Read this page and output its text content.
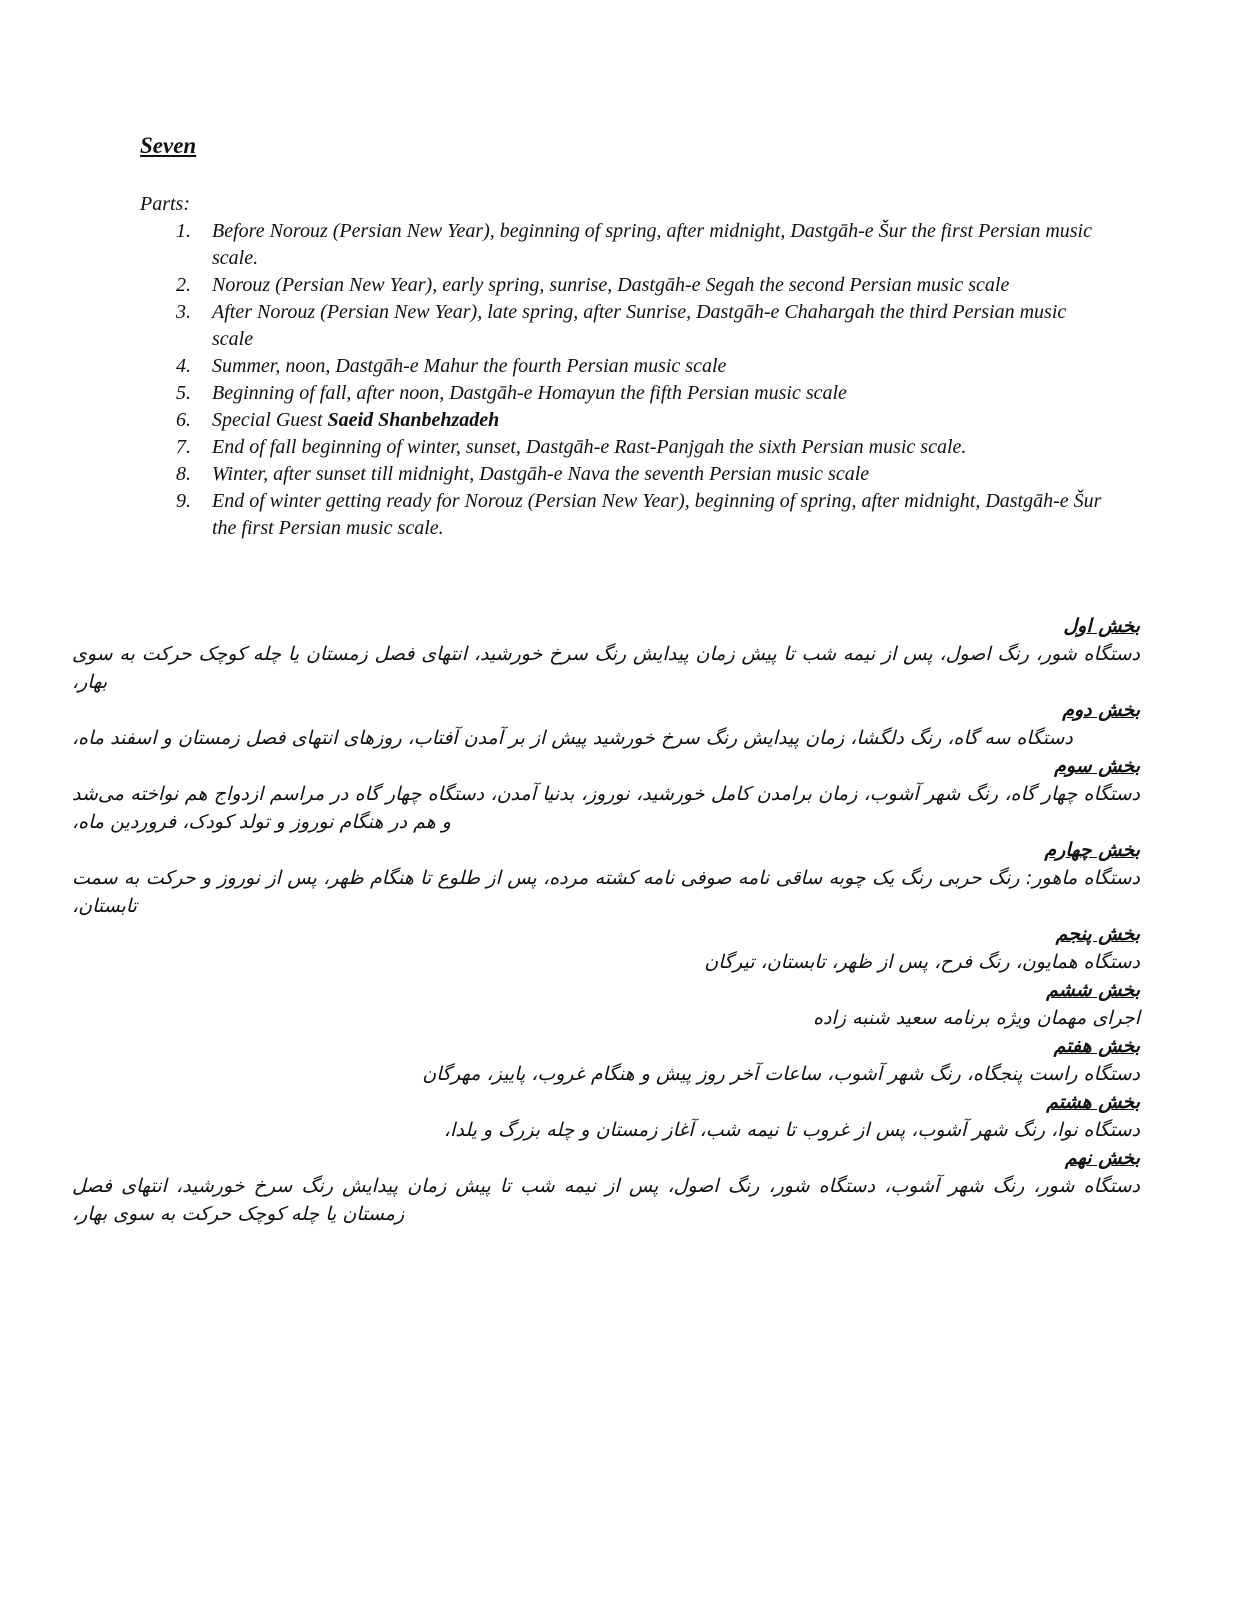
Seven
Parts:
1. Before Norouz (Persian New Year), beginning of spring, after midnight, Dastgāh-e Šur the first Persian music scale.
2. Norouz (Persian New Year), early spring, sunrise, Dastgāh-e Segah the second Persian music scale
3. After Norouz (Persian New Year), late spring, after Sunrise, Dastgāh-e Chahargah the third Persian music scale
4. Summer, noon, Dastgāh-e Mahur the fourth Persian music scale
5. Beginning of fall, after noon, Dastgāh-e Homayun the fifth Persian music scale
6. Special Guest Saeid Shanbehzadeh
7. End of fall beginning of winter, sunset, Dastgāh-e Rast-Panjgah the sixth Persian music scale.
8. Winter, after sunset till midnight, Dastgāh-e Nava the seventh Persian music scale
9. End of winter getting ready for Norouz (Persian New Year), beginning of spring, after midnight, Dastgāh-e Šur the first Persian music scale.
بخش اول
دستگاه شور، رنگ اصول، پس از نیمه شب تا پیش زمان پیدایش رنگ سرخ خورشید، انتهای فصل زمستان یا چله کوچک حرکت به سوی بهار،
بخش دوم
دستگاه سه گاه، رنگ دلگشا، زمان پیدایش رنگ سرخ خورشید پیش از بر آمدن آفتاب، روزهای انتهای فصل زمستان و اسفند ماه،
بخش سوم
دستگاه چهار گاه، رنگ شهر آشوب، زمان برامدن کامل خورشید، نوروز، بدنیا آمدن، دستگاه چهار گاه در مراسم ازدواج هم نواخته می‌شد و هم در هنگام نوروز و تولد کودک، فروردین ماه،
بخش چهارم
دستگاه ماهور: رنگ حربی رنگ یک چوبه ساقی نامه صوفی نامه کشته مرده، پس از طلوع تا هنگام ظهر، پس از نوروز و حرکت به سمت تابستان،
بخش پنجم
دستگاه همایون، رنگ فرح، پس از ظهر، تابستان، تیرگان
بخش ششم
اجرای مهمان ویژه برنامه سعید شنبه زاده
بخش هفتم
دستگاه راست پنجگاه، رنگ شهر آشوب، ساعات آخر روز پیش و هنگام غروب، پاییز، مهرگان
بخش هشتم
دستگاه نوا، رنگ شهر آشوب، پس از غروب تا نیمه شب، آغاز زمستان و چله بزرگ و یلدا،
بخش نهم
دستگاه شور، رنگ شهر آشوب، دستگاه شور، رنگ اصول، پس از نیمه شب تا پیش زمان پیدایش رنگ سرخ خورشید، انتهای فصل زمستان یا چله کوچک حرکت به سوی بهار،
